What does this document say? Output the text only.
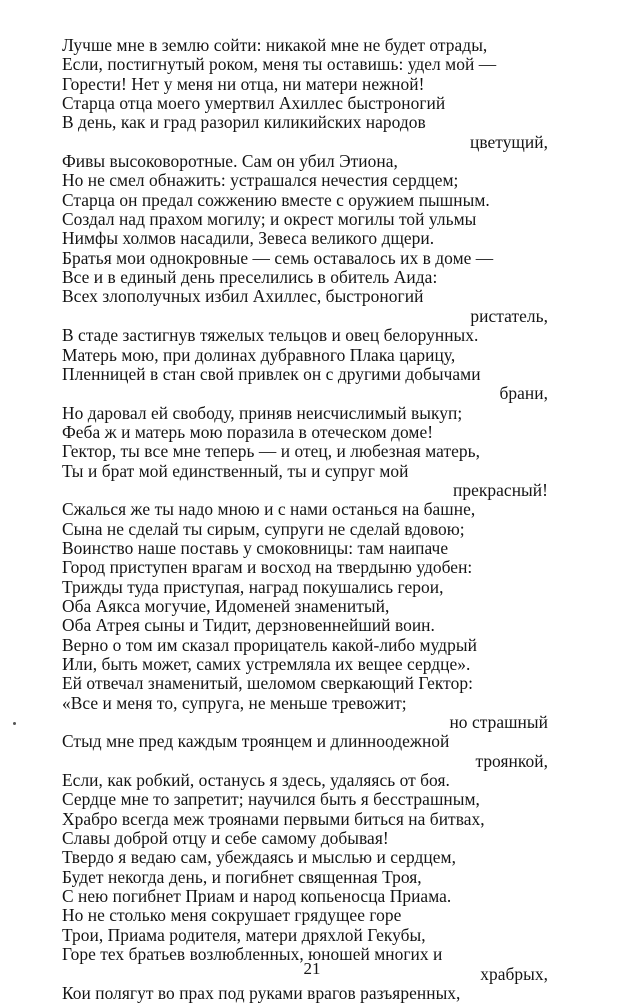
Лучше мне в землю сойти: никакой мне не будет отрады,
Если, постигнутый роком, меня ты оставишь: удел мой —
Горести! Нет у меня ни отца, ни матери нежной!
Старца отца моего умертвил Ахиллес быстроногий
В день, как и град разорил киликийских народов
цветущий,
Фивы высоковоротные. Сам он убил Этиона,
Но не смел обнажить: устрашался нечестия сердцем;
Старца он предал сожжению вместе с оружием пышным.
Создал над прахом могилу; и окрест могилы той ульмы
Нимфы холмов насадили, Зевеса великого дщери.
Братья мои однокровные — семь оставалось их в доме —
Все и в единый день преселились в обитель Аида:
Всех злополучных избил Ахиллес, быстроногий
ристатель,
В стаде застигнув тяжелых тельцов и овец белорунных.
Матерь мою, при долинах дубравного Плака царицу,
Пленницей в стан свой привлек он с другими добычами
брани,
Но даровал ей свободу, приняв неисчислимый выкуп;
Феба ж и матерь мою поразила в отеческом доме!
Гектор, ты все мне теперь — и отец, и любезная матерь,
Ты и брат мой единственный, ты и супруг мой
прекрасный!
Сжалься же ты надо мною и с нами останься на башне,
Сына не сделай ты сирым, супруги не сделай вдовою;
Воинство наше поставь у смоковницы: там наипаче
Город приступен врагам и восход на твердыню удобен:
Трижды туда приступая, наград покушались герои,
Оба Аякса могучие, Идоменей знаменитый,
Оба Атрея сыны и Тидит, дерзновеннейший воин.
Верно о том им сказал прорицатель какой-либо мудрый
Или, быть может, самих устремляла их вещее сердце».
Ей отвечал знаменитый, шеломом сверкающий Гектор:
«Все и меня то, супруга, не меньше тревожит;
но страшный
Стыд мне пред каждым троянцем и длинноодежной
троянкой,
Если, как робкий, останусь я здесь, удаляясь от боя.
Сердце мне то запретит; научился быть я бесстрашным,
Храбро всегда меж троянами первыми биться на битвах,
Славы доброй отцу и себе самому добывая!
Твердо я ведаю сам, убеждаясь и мыслью и сердцем,
Будет некогда день, и погибнет священная Троя,
С нею погибнет Приам и народ копьеносца Приама.
Но не столько меня сокрушает грядущее горе
Трои, Приама родителя, матери дряхлой Гекубы,
Горе тех братьев возлюбленных, юношей многих и
храбрых,
Кои полягут во прах под руками врагов разъяренных,
21
